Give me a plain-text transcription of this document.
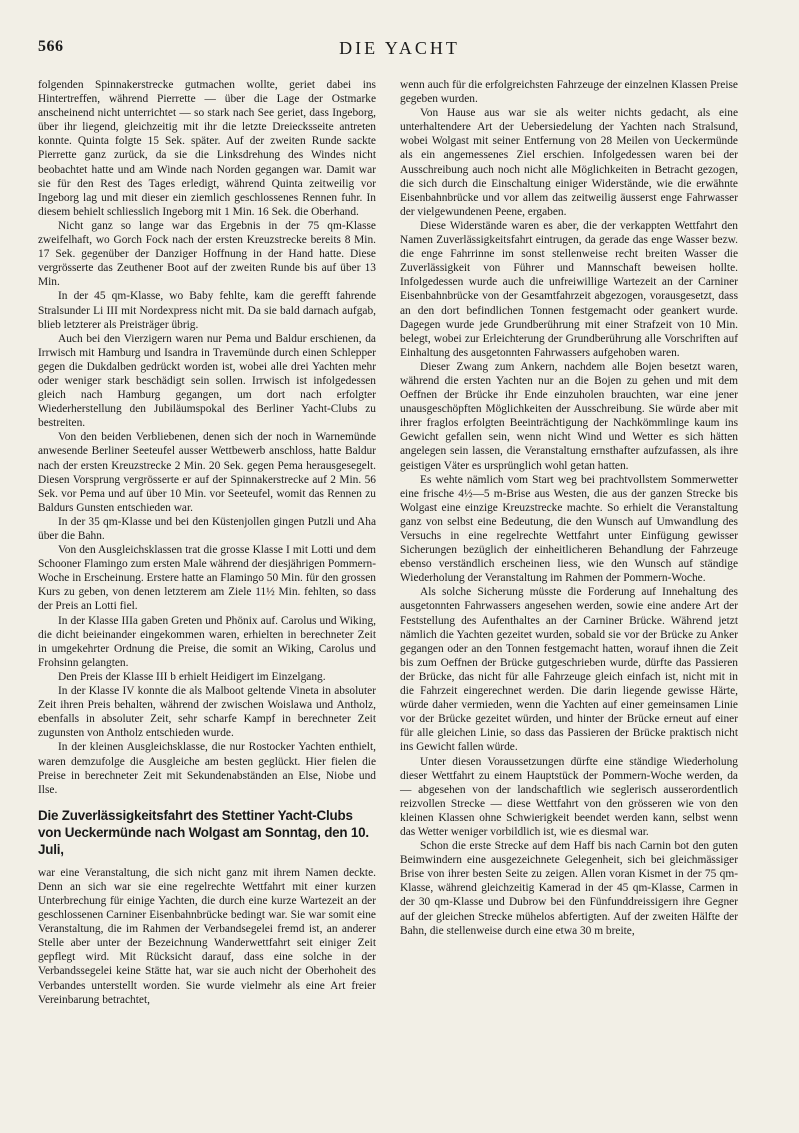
566	DIE YACHT

folgenden Spinnakerstrecke gutmachen wollte, geriet dabei ins Hintertreffen, während Pierrette — über die Lage der Ostmarke anscheinend nicht unterrichtet — so stark nach See geriet, dass Ingeborg, über ihr liegend, gleichzeitig mit ihr die letzte Dreiecksseite antreten konnte. Quinta folgte 15 Sek. später. Auf der zweiten Runde sackte Pierrette ganz zurück, da sie die Linksdrehung des Windes nicht beobachtet hatte und am Winde nach Norden gegangen war. Damit war sie für den Rest des Tages erledigt, während Quinta zeitweilig vor Ingeborg lag und mit dieser ein ziemlich geschlossenes Rennen fuhr. In diesem behielt schliesslich Ingeborg mit 1 Min. 16 Sek. die Oberhand.

Nicht ganz so lange war das Ergebnis in der 75 qm-Klasse zweifelhaft, wo Gorch Fock nach der ersten Kreuzstrecke bereits 8 Min. 17 Sek. gegenüber der Danziger Hoffnung in der Hand hatte. Diese vergrösserte das Zeuthener Boot auf der zweiten Runde bis auf über 13 Min.

In der 45 qm-Klasse, wo Baby fehlte, kam die gerefft fahrende Stralsunder Li III mit Nordexpress nicht mit. Da sie bald darnach aufgab, blieb letzterer als Preisträger übrig.

Auch bei den Vierzigern waren nur Pema und Baldur erschienen, da Irrwisch mit Hamburg und Isandra in Travemünde durch einen Schlepper gegen die Dukdalben gedrückt worden ist, wobei alle drei Yachten mehr oder weniger stark beschädigt sein sollen. Irrwisch ist infolgedessen gleich nach Hamburg gegangen, um dort nach erfolgter Wiederherstellung den Jubiläumspokal des Berliner Yacht-Clubs zu bestreiten.

Von den beiden Verbliebenen, denen sich der noch in Warnemünde anwesende Berliner Seeteufel ausser Wettbewerb anschloss, hatte Baldur nach der ersten Kreuzstrecke 2 Min. 20 Sek. gegen Pema herausgesegelt. Diesen Vorsprung vergrösserte er auf der Spinnakerstrecke auf 2 Min. 56 Sek. vor Pema und auf über 10 Min. vor Seeteufel, womit das Rennen zu Baldurs Gunsten entschieden war.

In der 35 qm-Klasse und bei den Küstenjollen gingen Putzli und Aha über die Bahn.

Von den Ausgleichsklassen trat die grosse Klasse I mit Lotti und dem Schooner Flamingo zum ersten Male während der diesjährigen Pommern-Woche in Erscheinung. Erstere hatte an Flamingo 50 Min. für den grossen Kurs zu geben, von denen letzterem am Ziele 11½ Min. fehlten, so dass der Preis an Lotti fiel.

In der Klasse IIIa gaben Greten und Phönix auf. Carolus und Wiking, die dicht beieinander eingekommen waren, erhielten in berechneter Zeit in umgekehrter Ordnung die Preise, die somit an Wiking, Carolus und Frohsinn gelangten.

Den Preis der Klasse III b erhielt Heidigert im Einzelgang.

In der Klasse IV konnte die als Malboot geltende Vineta in absoluter Zeit ihren Preis behalten, während der zwischen Woislawa und Antholz, ebenfalls in absoluter Zeit, sehr scharfe Kampf in berechneter Zeit zugunsten von Antholz entschieden wurde.

In der kleinen Ausgleichsklasse, die nur Rostocker Yachten enthielt, waren demzufolge die Ausgleiche am besten geglückt. Hier fielen die Preise in berechneter Zeit mit Sekundenabständen an Else, Niobe und Ilse.

Die Zuverlässigkeitsfahrt des Stettiner Yacht-Clubs von Ueckermünde nach Wolgast am Sonntag, den 10. Juli,

war eine Veranstaltung, die sich nicht ganz mit ihrem Namen deckte. Denn an sich war sie eine regelrechte Wettfahrt mit einer kurzen Unterbrechung für einige Yachten, die durch eine kurze Wartezeit an der geschlossenen Carniner Eisenbahnbrücke bedingt war. Sie war somit eine Veranstaltung, die im Rahmen der Verbandsegelei fremd ist, an anderer Stelle aber unter der Bezeichnung Wanderwettfahrt seit einiger Zeit gepflegt wird. Mit Rücksicht darauf, dass eine solche in der Verbandssegelei keine Stätte hat, war sie auch nicht der Oberhoheit des Verbandes unterstellt worden. Sie wurde vielmehr als eine Art freier Vereinbarung betrachtet,

wenn auch für die erfolgreichsten Fahrzeuge der einzelnen Klassen Preise gegeben wurden.

Von Hause aus war sie als weiter nichts gedacht, als eine unterhaltendere Art der Uebersiedelung der Yachten nach Stralsund, wobei Wolgast mit seiner Entfernung von 28 Meilen von Ueckermünde als ein angemessenes Ziel erschien. Infolgedessen waren bei der Ausschreibung auch noch nicht alle Möglichkeiten in Betracht gezogen, die sich durch die Einschaltung einiger Widerstände, wie die erwähnte Eisenbahnbrücke und vor allem das zeitweilig äusserst enge Fahrwasser der vielgewundenen Peene, ergaben.

Diese Widerstände waren es aber, die der verkappten Wettfahrt den Namen Zuverlässigkeitsfahrt eintrugen, da gerade das enge Wasser bezw. die enge Fahrrinne im sonst stellenweise recht breiten Wasser die Zuverlässigkeit von Führer und Mannschaft beweisen hollte. Infolgedessen wurde auch die unfreiwillige Wartezeit an der Carniner Eisenbahnbrücke von der Gesamtfahrzeit abgezogen, vorausgesetzt, dass an den dort befindlichen Tonnen festgemacht oder geankert wurde. Dagegen wurde jede Grundberührung mit einer Strafzeit von 10 Min. belegt, wobei zur Erleichterung der Grundberührung alle Vorschriften auf Einhaltung des ausgetonnten Fahrwassers aufgehoben waren.

Dieser Zwang zum Ankern, nachdem alle Bojen besetzt waren, während die ersten Yachten nur an die Bojen zu gehen und mit dem Oeffnen der Brücke ihr Ende einzuholen brauchten, war eine jener unausgeschöpften Möglichkeiten der Ausschreibung. Sie würde aber mit ihrer fraglos erfolgten Beeinträchtigung der Nachkömmlinge kaum ins Gewicht gefallen sein, wenn nicht Wind und Wetter es sich hätten angelegen sein lassen, die Veranstaltung ernsthafter aufzufassen, als ihre geistigen Väter es ursprünglich wohl getan hatten.

Es wehte nämlich vom Start weg bei prachtvollstem Sommerwetter eine frische 4½—5 m-Brise aus Westen, die aus der ganzen Strecke bis Wolgast eine einzige Kreuzstrecke machte. So erhielt die Veranstaltung ganz von selbst eine Bedeutung, die den Wunsch auf Umwandlung des Versuchs in eine regelrechte Wettfahrt unter Einfügung gewisser Sicherungen bezüglich der einheitlicheren Behandlung der Fahrzeuge ebenso verständlich erscheinen liess, wie den Wunsch auf ständige Wiederholung der Veranstaltung im Rahmen der Pommern-Woche.

Als solche Sicherung müsste die Forderung auf Innehaltung des ausgetonnten Fahrwassers angesehen werden, sowie eine andere Art der Feststellung des Aufenthaltes an der Carniner Brücke. Während jetzt nämlich die Yachten gezeitet wurden, sobald sie vor der Brücke zu Anker gegangen oder an den Tonnen festgemacht hatten, worauf ihnen die Zeit bis zum Oeffnen der Brücke gutgeschrieben wurde, dürfte das Passieren der Brücke, das nicht für alle Fahrzeuge gleich einfach ist, nicht mit in die Fahrzeit eingerechnet werden. Die darin liegende gewisse Härte, würde daher vermieden, wenn die Yachten auf einer gemeinsamen Linie vor der Brücke gezeitet würden, und hinter der Brücke erneut auf einer für alle gleichen Linie, so dass das Passieren der Brücke praktisch nicht ins Gewicht fallen würde.

Unter diesen Voraussetzungen dürfte eine ständige Wiederholung dieser Wettfahrt zu einem Hauptstück der Pommern-Woche werden, da — abgesehen von der landschaftlich wie seglerisch ausserordentlich reizvollen Strecke — diese Wettfahrt von den grösseren wie von den kleinen Klassen ohne Schwierigkeit beendet werden kann, selbst wenn das Wetter weniger vorbildlich ist, wie es diesmal war.

Schon die erste Strecke auf dem Haff bis nach Carnin bot den guten Beimwindern eine ausgezeichnete Gelegenheit, sich bei gleichmässiger Brise von ihrer besten Seite zu zeigen. Allen voran Kismet in der 75 qm-Klasse, während gleichzeitig Kamerad in der 45 qm-Klasse, Carmen in der 30 qm-Klasse und Dubrow bei den Fünfunddreissigern ihre Gegner auf der gleichen Strecke mühelos abfertigten. Auf der zweiten Hälfte der Bahn, die stellenweise durch eine etwa 30 m breite,
